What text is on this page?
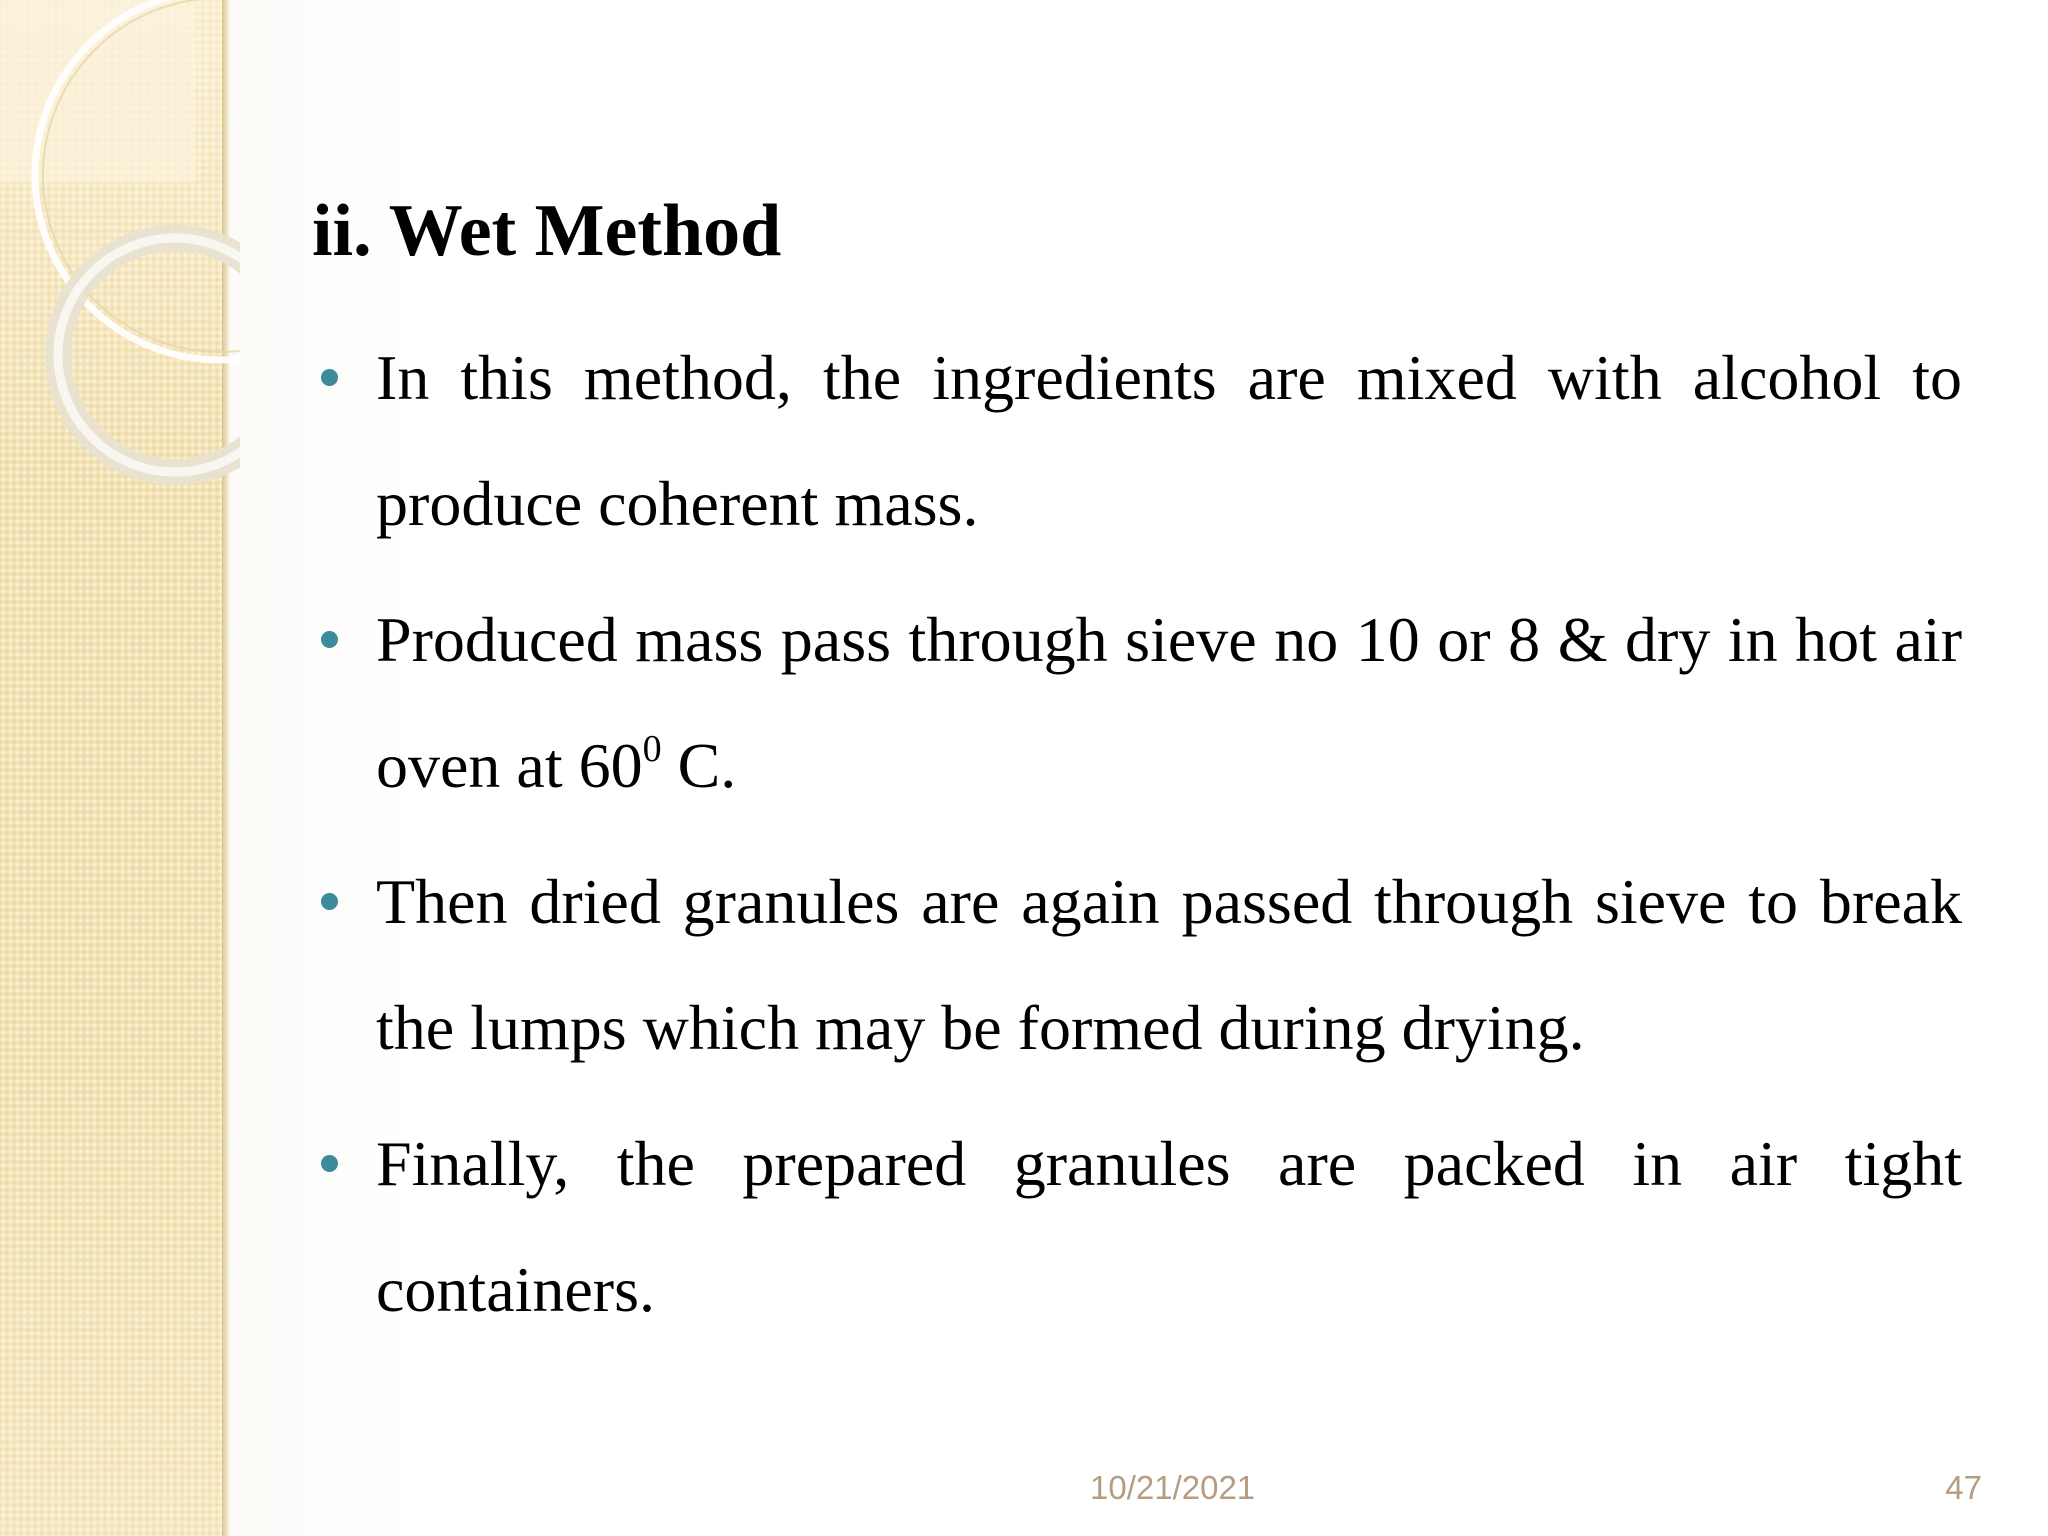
ii. Wet Method
In this method, the ingredients are mixed with alcohol to produce coherent mass.
Produced mass pass through sieve no 10 or 8 & dry in hot air oven at $60^0$ C.
Then dried granules are again passed through sieve to break the lumps which may be formed during drying.
Finally, the prepared granules are packed in air tight containers.
10/21/2021	47
